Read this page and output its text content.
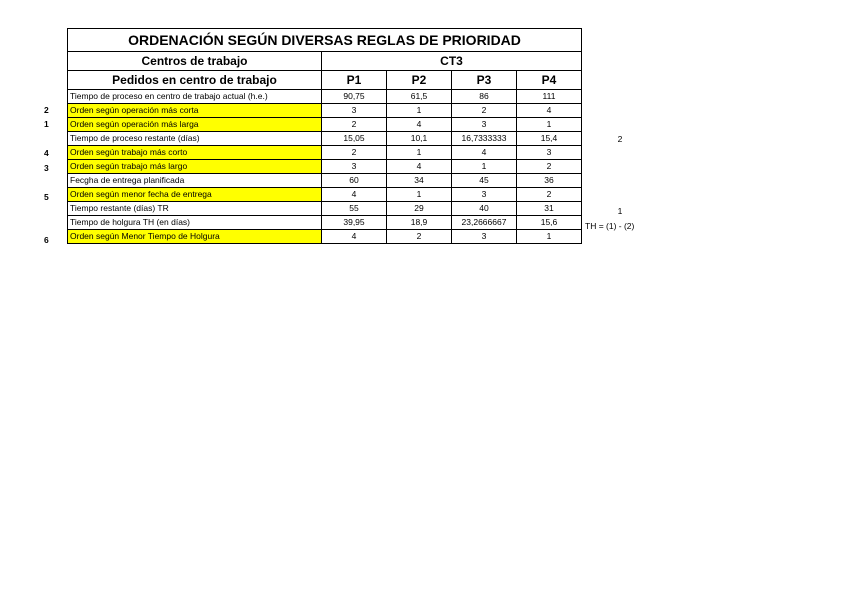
ORDENACIÓN SEGÚN DIVERSAS REGLAS DE PRIORIDAD				
Centros de trabajo	CT3			
Pedidos en centro de trabajo	P1	P2	P3	P4
Tiempo de proceso en centro de trabajo actual (h.e.)	90,75	61,5	86	111
Orden según operación más corta	3	1	2	4
Orden según operación más larga	2	4	3	1
Tiempo de proceso restante (días)	15,05	10,1	16,7333333	15,4
Orden según trabajo más corto	2	1	4	3
Orden según trabajo más largo	3	4	1	2
Fecgha de entrega planificada	60	34	45	36
Orden según menor fecha de entrega	4	1	3	2
Tiempo restante (días) TR	55	29	40	31
Tiempo de holgura TH (en días)	39,95	18,9	23,2666667	15,6
Orden según Menor Tiempo de Holgura	4	2	3	1
2
1
2
4
3
5
1
TH = (1) - (2)
6
